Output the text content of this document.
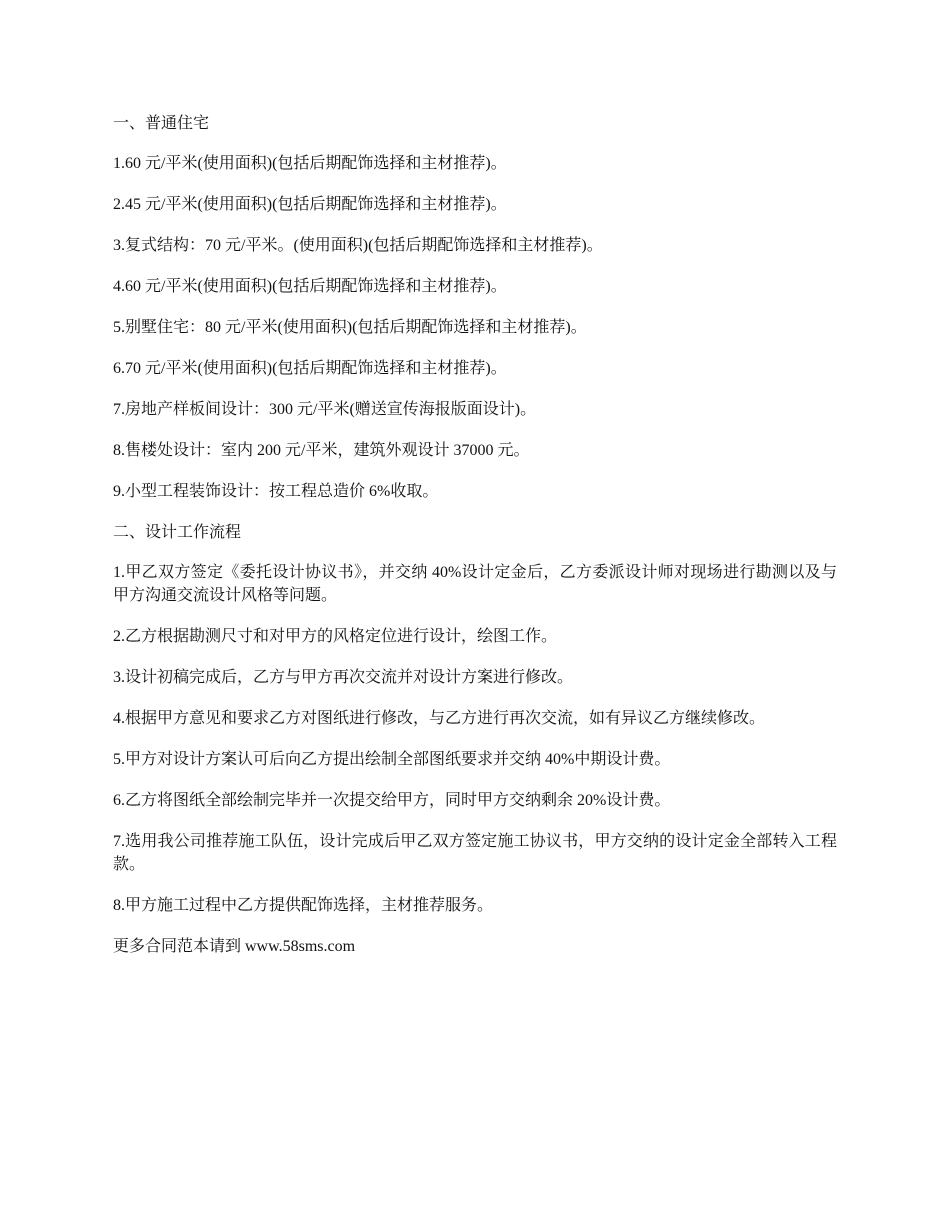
一、普通住宅

1.60 元/平米(使用面积)(包括后期配饰选择和主材推荐)。

2.45 元/平米(使用面积)(包括后期配饰选择和主材推荐)。

3.复式结构：70 元/平米。(使用面积)(包括后期配饰选择和主材推荐)。

4.60 元/平米(使用面积)(包括后期配饰选择和主材推荐)。

5.别墅住宅：80 元/平米(使用面积)(包括后期配饰选择和主材推荐)。

6.70 元/平米(使用面积)(包括后期配饰选择和主材推荐)。

7.房地产样板间设计：300 元/平米(赠送宣传海报版面设计)。

8.售楼处设计：室内 200 元/平米，建筑外观设计 37000 元。

9.小型工程装饰设计：按工程总造价 6%收取。

二、设计工作流程

1.甲乙双方签定《委托设计协议书》，并交纳 40%设计定金后，乙方委派设计师对现场进行勘测以及与甲方沟通交流设计风格等问题。

2.乙方根据勘测尺寸和对甲方的风格定位进行设计，绘图工作。

3.设计初稿完成后，乙方与甲方再次交流并对设计方案进行修改。

4.根据甲方意见和要求乙方对图纸进行修改，与乙方进行再次交流，如有异议乙方继续修改。

5.甲方对设计方案认可后向乙方提出绘制全部图纸要求并交纳 40%中期设计费。

6.乙方将图纸全部绘制完毕并一次提交给甲方，同时甲方交纳剩余 20%设计费。

7.选用我公司推荐施工队伍，设计完成后甲乙双方签定施工协议书，甲方交纳的设计定金全部转入工程款。

8.甲方施工过程中乙方提供配饰选择，主材推荐服务。

更多合同范本请到 www.58sms.com
